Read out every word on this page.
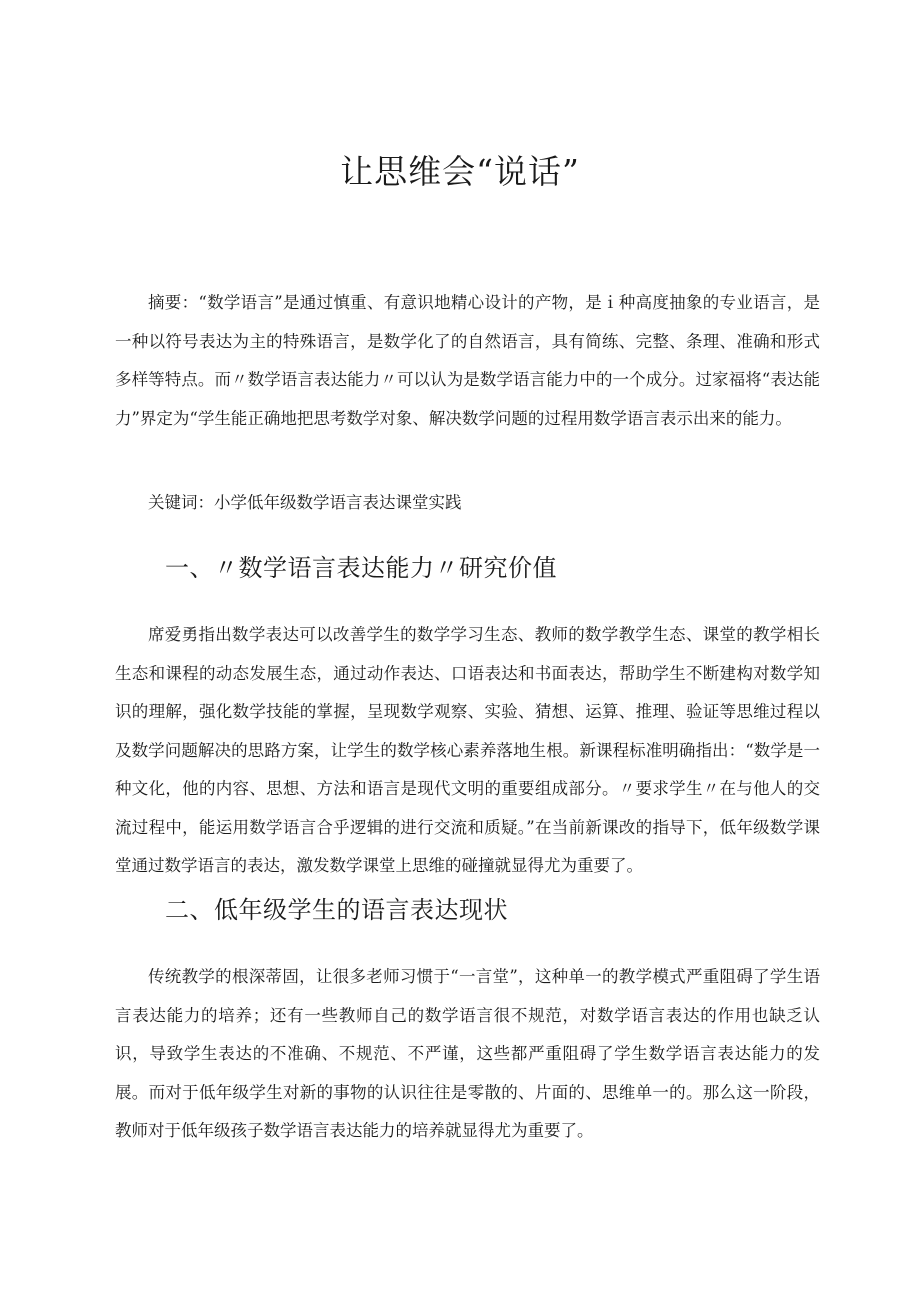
让思维会“说话”

摘要：“数学语言”是通过慎重、有意识地精心设计的产物，是ｉ种高度抽象的专业语言，是一种以符号表达为主的特殊语言，是数学化了的自然语言，具有简练、完整、条理、准确和形式多样等特点。而〃数学语言表达能力〃可以认为是数学语言能力中的一个成分。过家福将“表达能力”界定为“学生能正确地把思考数学对象、解决数学问题的过程用数学语言表示出来的能力。

关键词：小学低年级数学语言表达课堂实践

一、〃数学语言表达能力〃研究价值

席爱勇指出数学表达可以改善学生的数学学习生态、教师的数学教学生态、课堂的教学相长生态和课程的动态发展生态，通过动作表达、口语表达和书面表达，帮助学生不断建构对数学知识的理解，强化数学技能的掌握，呈现数学观察、实验、猜想、运算、推理、验证等思维过程以及数学问题解决的思路方案，让学生的数学核心素养落地生根。新课程标准明确指出：“数学是一种文化，他的内容、思想、方法和语言是现代文明的重要组成部分。〃要求学生〃在与他人的交流过程中，能运用数学语言合乎逻辑的进行交流和质疑。”在当前新课改的指导下，低年级数学课堂通过数学语言的表达，激发数学课堂上思维的碰撞就显得尤为重要了。

二、低年级学生的语言表达现状

传统教学的根深蒂固，让很多老师习惯于“一言堂”，这种单一的教学模式严重阻碍了学生语言表达能力的培养；还有一些教师自己的数学语言很不规范，对数学语言表达的作用也缺乏认识，导致学生表达的不准确、不规范、不严谨，这些都严重阻碍了学生数学语言表达能力的发展。而对于低年级学生对新的事物的认识往往是零散的、片面的、思维单一的。那么这一阶段，教师对于低年级孩子数学语言表达能力的培养就显得尤为重要了。
